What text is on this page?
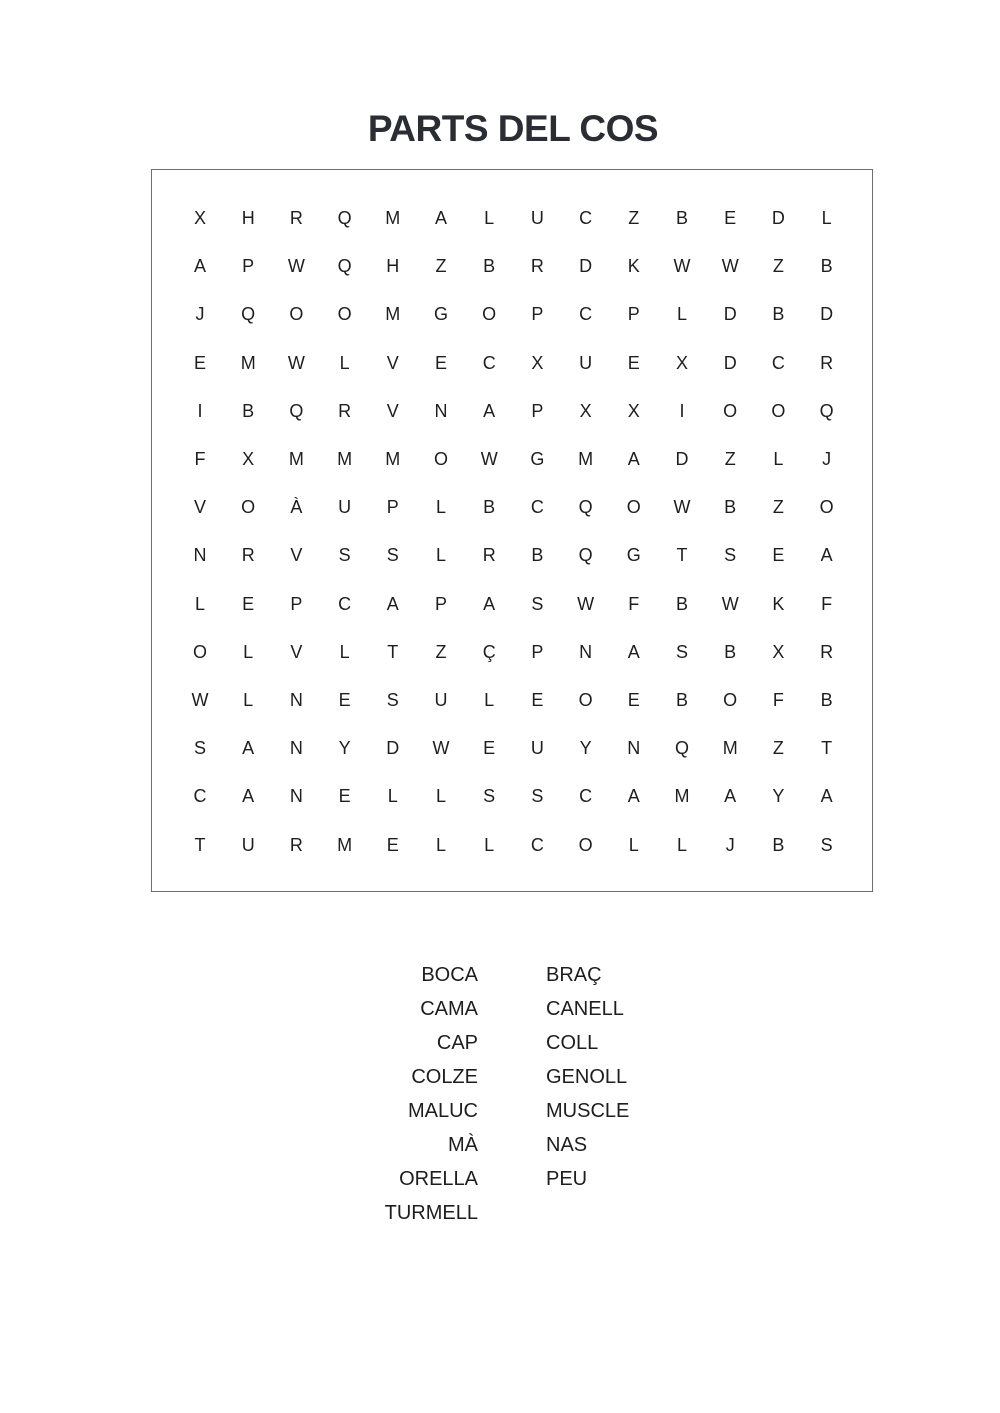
PARTS DEL COS
X	H	R	Q	M	A	L	U	C	Z	B	E	D	L
A	P	W	Q	H	Z	B	R	D	K	W	W	Z	B
J	Q	O	O	M	G	O	P	C	P	L	D	B	D
E	M	W	L	V	E	C	X	U	E	X	D	C	R
I	B	Q	R	V	N	A	P	X	X	I	O	O	Q
F	X	M	M	M	O	W	G	M	A	D	Z	L	J
V	O	À	U	P	L	B	C	Q	O	W	B	Z	O
N	R	V	S	S	L	R	B	Q	G	T	S	E	A
L	E	P	C	A	P	A	S	W	F	B	W	K	F
O	L	V	L	T	Z	Ç	P	N	A	S	B	X	R
W	L	N	E	S	U	L	E	O	E	B	O	F	B
S	A	N	Y	D	W	E	U	Y	N	Q	M	Z	T
C	A	N	E	L	L	S	S	C	A	M	A	Y	A
T	U	R	M	E	L	L	C	O	L	L	J	B	S
BOCA
CAMA
CAP
COLZE
MALUC
MÀ
ORELLA
TURMELL
BRAÇ
CANELL
COLL
GENOLL
MUSCLE
NAS
PEU
